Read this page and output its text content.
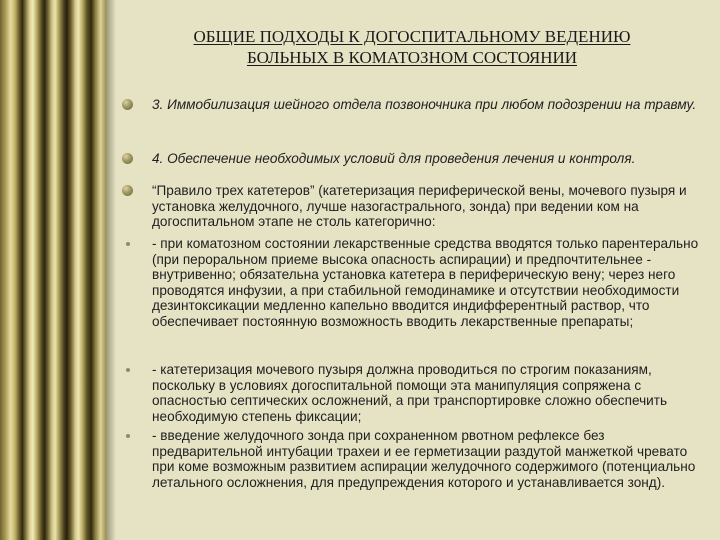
ОБЩИЕ ПОДХОДЫ К ДОГОСПИТАЛЬНОМУ ВЕДЕНИЮ
БОЛЬНЫХ В КОМАТОЗНОМ СОСТОЯНИИ
3. Иммобилизация шейного отдела позвоночника при любом подозрении на травму.
4. Обеспечение необходимых условий для проведения лечения и контроля.
“Правило трех катетеров” (катетеризация периферической вены, мочевого пузыря и установка желудочного, лучше назогастрального, зонда) при ведении ком на догоспитальном этапе не столь категорично:
- при коматозном состоянии лекарственные средства вводятся только парентерально (при пероральном приеме высока опасность аспирации) и предпочтительнее - внутривенно; обязательна установка катетера в периферическую вену; через него проводятся инфузии, а при стабильной гемодинамике и отсутствии необходимости дезинтоксикации медленно капельно вводится индифферентный раствор, что обеспечивает постоянную возможность вводить лекарственные препараты;
- катетеризация мочевого пузыря должна проводиться по строгим показаниям, поскольку в условиях догоспитальной помощи эта манипуляция сопряжена с опасностью септических осложнений, а при транспортировке сложно обеспечить необходимую степень фиксации;
- введение желудочного зонда при сохраненном рвотном рефлексе без предварительной интубации трахеи и ее герметизации раздутой манжеткой чревато при коме возможным развитием аспирации желудочного содержимого (потенциально летального осложнения, для предупреждения которого и устанавливается зонд).
